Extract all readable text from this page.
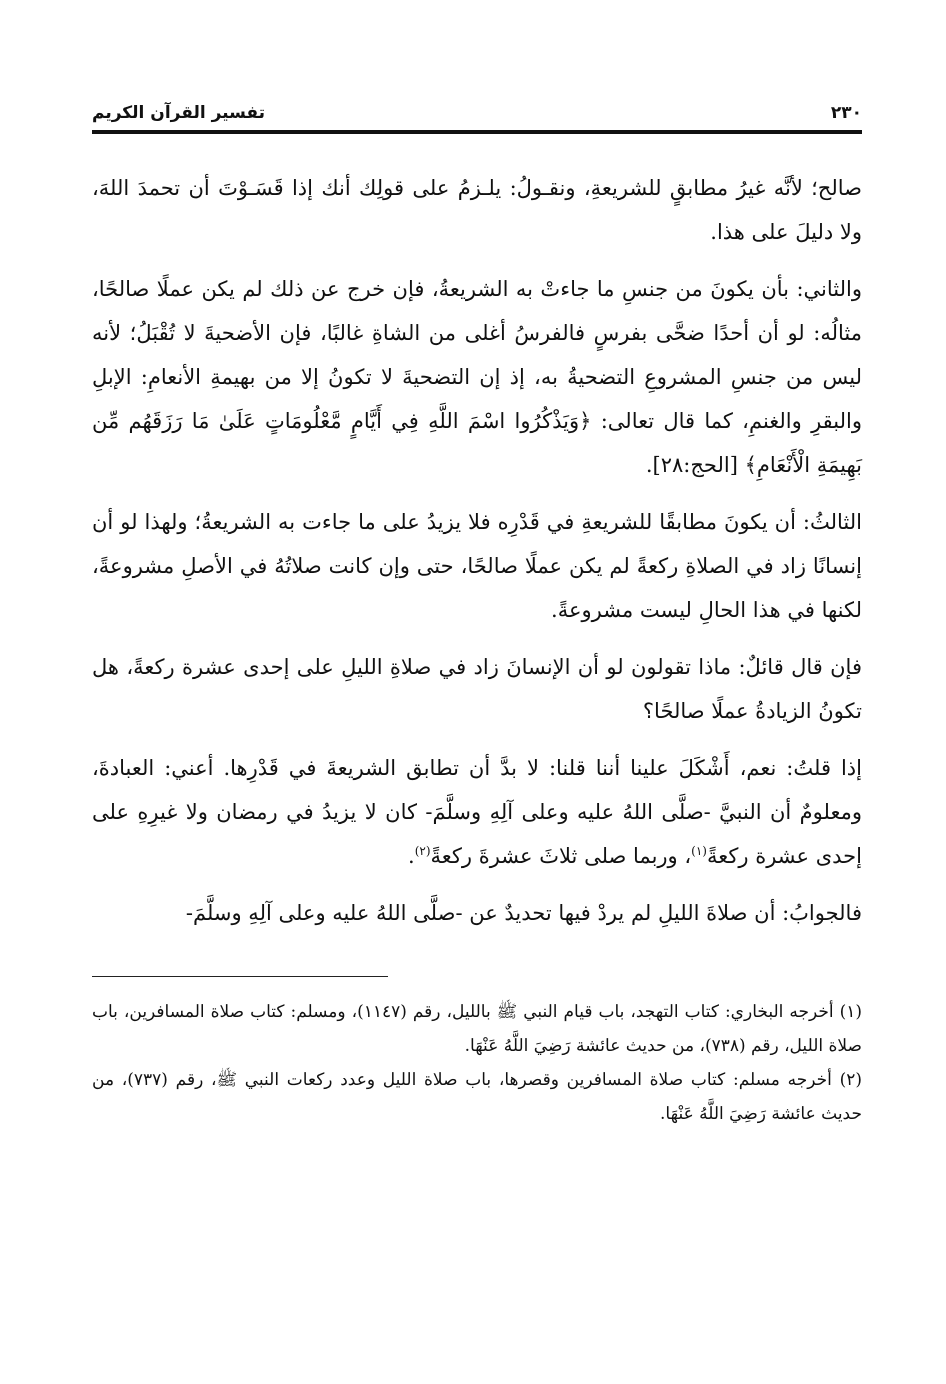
٢٣٠
تفسير القرآن الكريم

صالح؛ لأنَّه غيرُ مطابقٍ للشريعةِ، ونقـولُ: يلـزمُ على قولِك أنك إذا قَسَـوْتَ أن تحمدَ اللهَ، ولا دليلَ على هذا.

والثاني: بأن يكونَ من جنسِ ما جاءتْ به الشريعةُ، فإن خرج عن ذلك لم يكن عملًا صالحًا، مثالُه: لو أن أحدًا ضحَّى بفرسٍ فالفرسُ أغلى من الشاةِ غالبًا، فإن الأضحيةَ لا تُقْبَلُ؛ لأنه ليس من جنسِ المشروعِ التضحيةُ به، إذ إن التضحيةَ لا تكونُ إلا من بهيمةِ الأنعامِ: الإبلِ والبقرِ والغنمِ، كما قال تعالى: ﴿وَيَذْكُرُوا اسْمَ اللَّهِ فِي أَيَّامٍ مَّعْلُومَاتٍ عَلَىٰ مَا رَزَقَهُم مِّن بَهِيمَةِ الْأَنْعَامِ﴾ [الحج:٢٨].

الثالثُ: أن يكونَ مطابقًا للشريعةِ في قَدْرِه فلا يزيدُ على ما جاءت به الشريعةُ؛ ولهذا لو أن إنسانًا زاد في الصلاةِ ركعةً لم يكن عملًا صالحًا، حتى وإن كانت صلاتُهُ في الأصلِ مشروعةً، لكنها في هذا الحالِ ليست مشروعةً.

فإن قال قائلٌ: ماذا تقولون لو أن الإنسانَ زاد في صلاةِ الليلِ على إحدى عشرة ركعةً، هل تكونُ الزيادةُ عملًا صالحًا؟

إذا قلتُ: نعم، أَشْكَلَ علينا أننا قلنا: لا بدَّ أن تطابق الشريعةَ في قَدْرِها. أعني: العبادةَ، ومعلومٌ أن النبيَّ -صلَّى اللهُ عليه وعلى آلِهِ وسلَّمَ- كان لا يزيدُ في رمضان ولا غيرِهِ على إحدى عشرة ركعةً$^{(١)}$، وربما صلى ثلاثَ عشرةَ ركعةً$^{(٢)}$.

فالجوابُ: أن صلاةَ الليلِ لم يردْ فيها تحديدٌ عن -صلَّى اللهُ عليه وعلى آلِهِ وسلَّمَ-

(١) أخرجه البخاري: كتاب التهجد، باب قيام النبي ﷺ بالليل، رقم (١١٤٧)، ومسلم: كتاب صلاة المسافرين، باب صلاة الليل، رقم (٧٣٨)، من حديث عائشة رَضِيَ اللَّهُ عَنْهَا.

(٢) أخرجه مسلم: كتاب صلاة المسافرين وقصرها، باب صلاة الليل وعدد ركعات النبي ﷺ، رقم (٧٣٧)، من حديث عائشة رَضِيَ اللَّهُ عَنْهَا.
